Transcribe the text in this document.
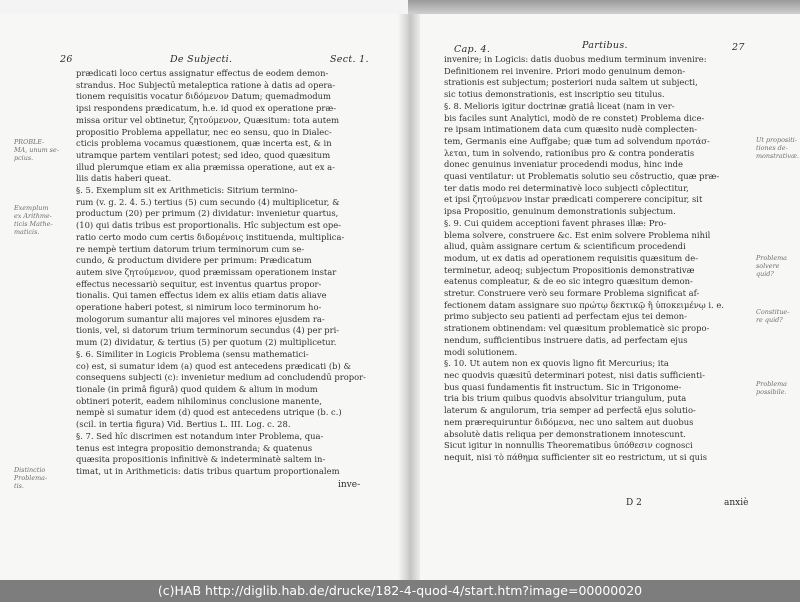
26	De Subjecti.	Sect. 1.
PROBLE-
MA, unum se-
pcius.
Exemplum
ex Arithme-
ticis Mathe-
maticis.
Distinctio
Problema-
tis.
prædicati loco certus assignatur effectus de eodem demon-
strandus. Hoc Subjectū metaleptica ratione à datis ad opera-
tionem requisitis vocatur διδόμενον Datum; quemadmodum
ipsi respondens prædicatum, h.e. id quod ex operatione præ-
missa oritur vel obtinetur, ζητούμενον, Quæsitum: tota autem
propositio Problema appellatur, nec eo sensu, quo in Dialec-
cticis problema vocamus quæstionem, quæ incerta est, & in
utramque partem ventilari potest; sed ideo, quod quæsitum
illud plerumque etiam ex alia præmissa operatione, aut ex a-
liis datis haberi queat.
§. 5. Exemplum sit ex Arithmeticis: Sitrium termino-
rum (v. g. 2. 4. 5.) tertius (5) cum secundo (4) multiplicetur, &
productum (20) per primum (2) dividatur: invenietur quartus,
(10) qui datis tribus est proportionalis. Hîc subjectum est ope-
ratio certo modo cum certis διδομένοις instituenda, multiplica-
re nempè tertium datorum trium terminorum cum se-
cundo, & productum dividere per primum: Prædicatum
autem sive ζητούμενον, quod præmissam operationem instar
effectus necessariò sequitur, est inventus quartus propor-
tionalis. Qui tamen effectus idem ex aliis etiam datis aliave
operatione haberi potest, si nimirum loco terminorum ho-
mologorum sumantur alii majores vel minores ejusdem ra-
tionis, vel, si datorum trium terminorum secundus (4) per pri-
mum (2) dividatur, & tertius (5) per quotum (2) multiplicetur.
§. 6. Similiter in Logicis Problema (sensu mathematici-
co) est, si sumatur idem (a) quod est antecedens prædicati (b) &
consequens subjecti (c): invenietur medium ad concludendū propor-
tionale (in primâ figurâ) quod quidem & alium in modum
obtineri poterit, eadem nihilominus conclusione manente,
nempè si sumatur idem (d) quod est antecedens utrique (b. c.)
(scil. in tertia figura) Vid. Bertius L. III. Log. c. 28.
§. 7. Sed hîc discrimen est notandum inter Problema, qua-
tenus est integra propositio demonstranda; & quatenus
quæsita propositionis infinitivè & indeterminatè saltem in-
timat, ut in Arithmeticis: datis tribus quartum proportionalem
inve-
Cap. 4.	Partibus.	27
invenire; in Logicis: datis duobus medium terminum invenire:
Definitionem rei invenire. Priori modo genuinum demon-
strationis est subjectum; posteriori nuda saltem ut subjecti,
sic totius demonstrationis, est inscriptio seu titulus.
§. 8. Melioris igitur doctrinæ gratiâ liceat (nam in ver-
bis faciles sunt Analytici, modò de re constet) Problema dice-
re ipsam intimationem data cum quæsito nudè complecten-
tem, Germanis eine Auffgabe; quæ tum ad solvendum προτάσ-
λεται, tum in solvendo, rationibus pro & contra ponderatis
donec genuinus inveniatur procedendi modus, hinc inde
quasi ventilatur: ut Problematis solutio seu côstructio, quæ præ-
ter datis modo rei determinativè loco subjecti côplectitur,
et ipsi ζητούμενον instar prædicati comperere concipitur, sit
ipsa Propositio, genuinum demonstrationis subjectum.
§. 9. Cui quidem acceptioni favent phrases illæ: Pro-
blema solvere, construere &c. Est enim solvere Problema nihil
aliud, quàm assignare certum & scientificum procedendi
modum, ut ex datis ad operationem requisitis quæsitum de-
terminetur, adeoq; subjectum Propositionis demonstrativæ
eatenus compleatur, & de eo sic integro quæsitum demon-
stretur. Construere verò seu formare Problema significat af-
fectionem datam assignare suo πρώτῳ δεκτικῷ ἢ ὑποκειμένῳ i. e.
primo subjecto seu patienti ad perfectam ejus tei demon-
strationem obtinendam: vel quæsitum problematicè sic propo-
nendum, sufficientibus instruere datis, ad perfectam ejus
modi solutionem.
§. 10. Ut autem non ex quovis ligno fit Mercurius; ita
nec quodvis quæsitū determinari potest, nisi datis sufficienti-
bus quasi fundamentis fit instructum. Sic in Trigonome-
tria bis trium quibus quodvis absolvitur triangulum, puta
laterum & angulorum, tria semper ad perfectã ejus solutio-
nem prærequiruntur διδόμενα, nec uno saltem aut duobus
absolutè datis reliqua per demonstrationem innotescunt.
Sicut igitur in nonnullis Theorematibus ὑπόθεσιν cognosci
nequit, nisi τὸ πάθημα sufficienter sit eo restrictum, ut si quis
Ut propositi-
tiones de-
monstrativæ.
Problema
solvere
quid?
Constitue-
re quid?
Problema
possibile.
D 2	anxiè
(c)HAB http://diglib.hab.de/drucke/182-4-quod-4/start.htm?image=00000020
